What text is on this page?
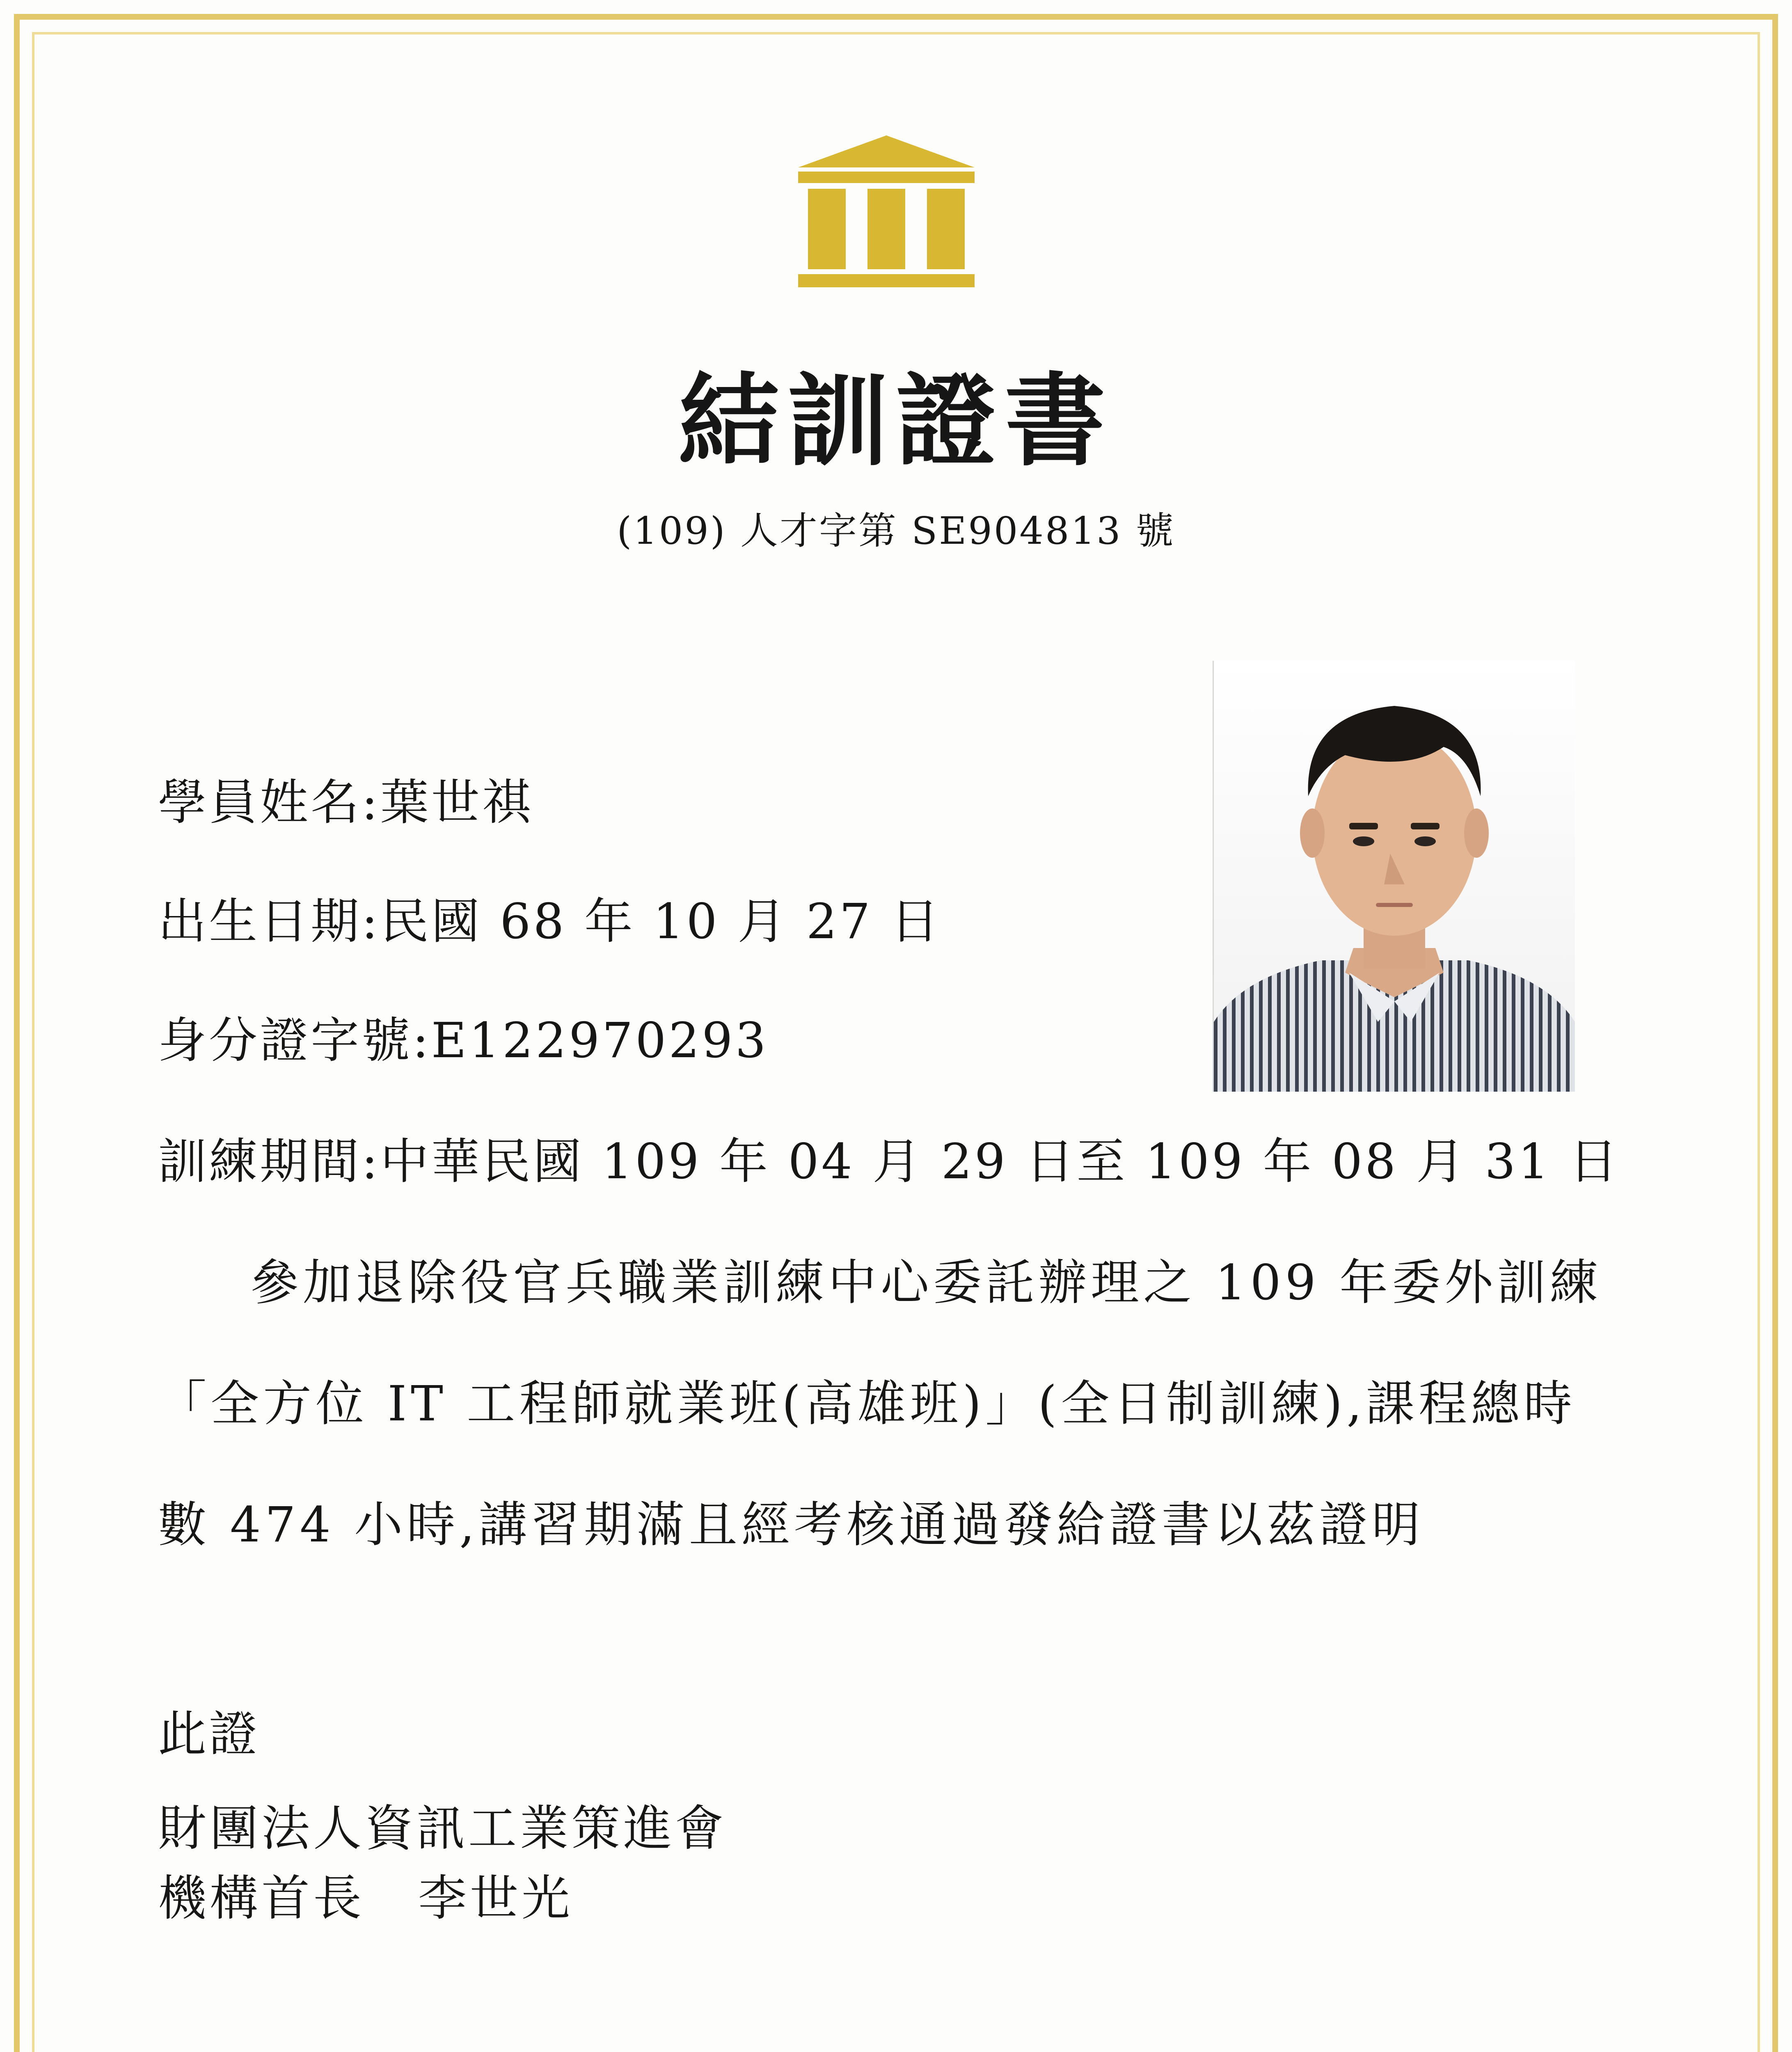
結訓證書
(109) 人才字第 SE904813 號
學員姓名:葉世祺
出生日期:民國 68 年 10 月 27 日
身分證字號:E122970293
訓練期間:中華民國 109 年 04 月 29 日至 109 年 08 月 31 日
參加退除役官兵職業訓練中心委託辦理之 109 年委外訓練
「全方位 IT 工程師就業班(高雄班)」(全日制訓練),課程總時
數 474 小時,講習期滿且經考核通過發給證書以茲證明
此證
財團法人資訊工業策進會
機構首長 李世光
